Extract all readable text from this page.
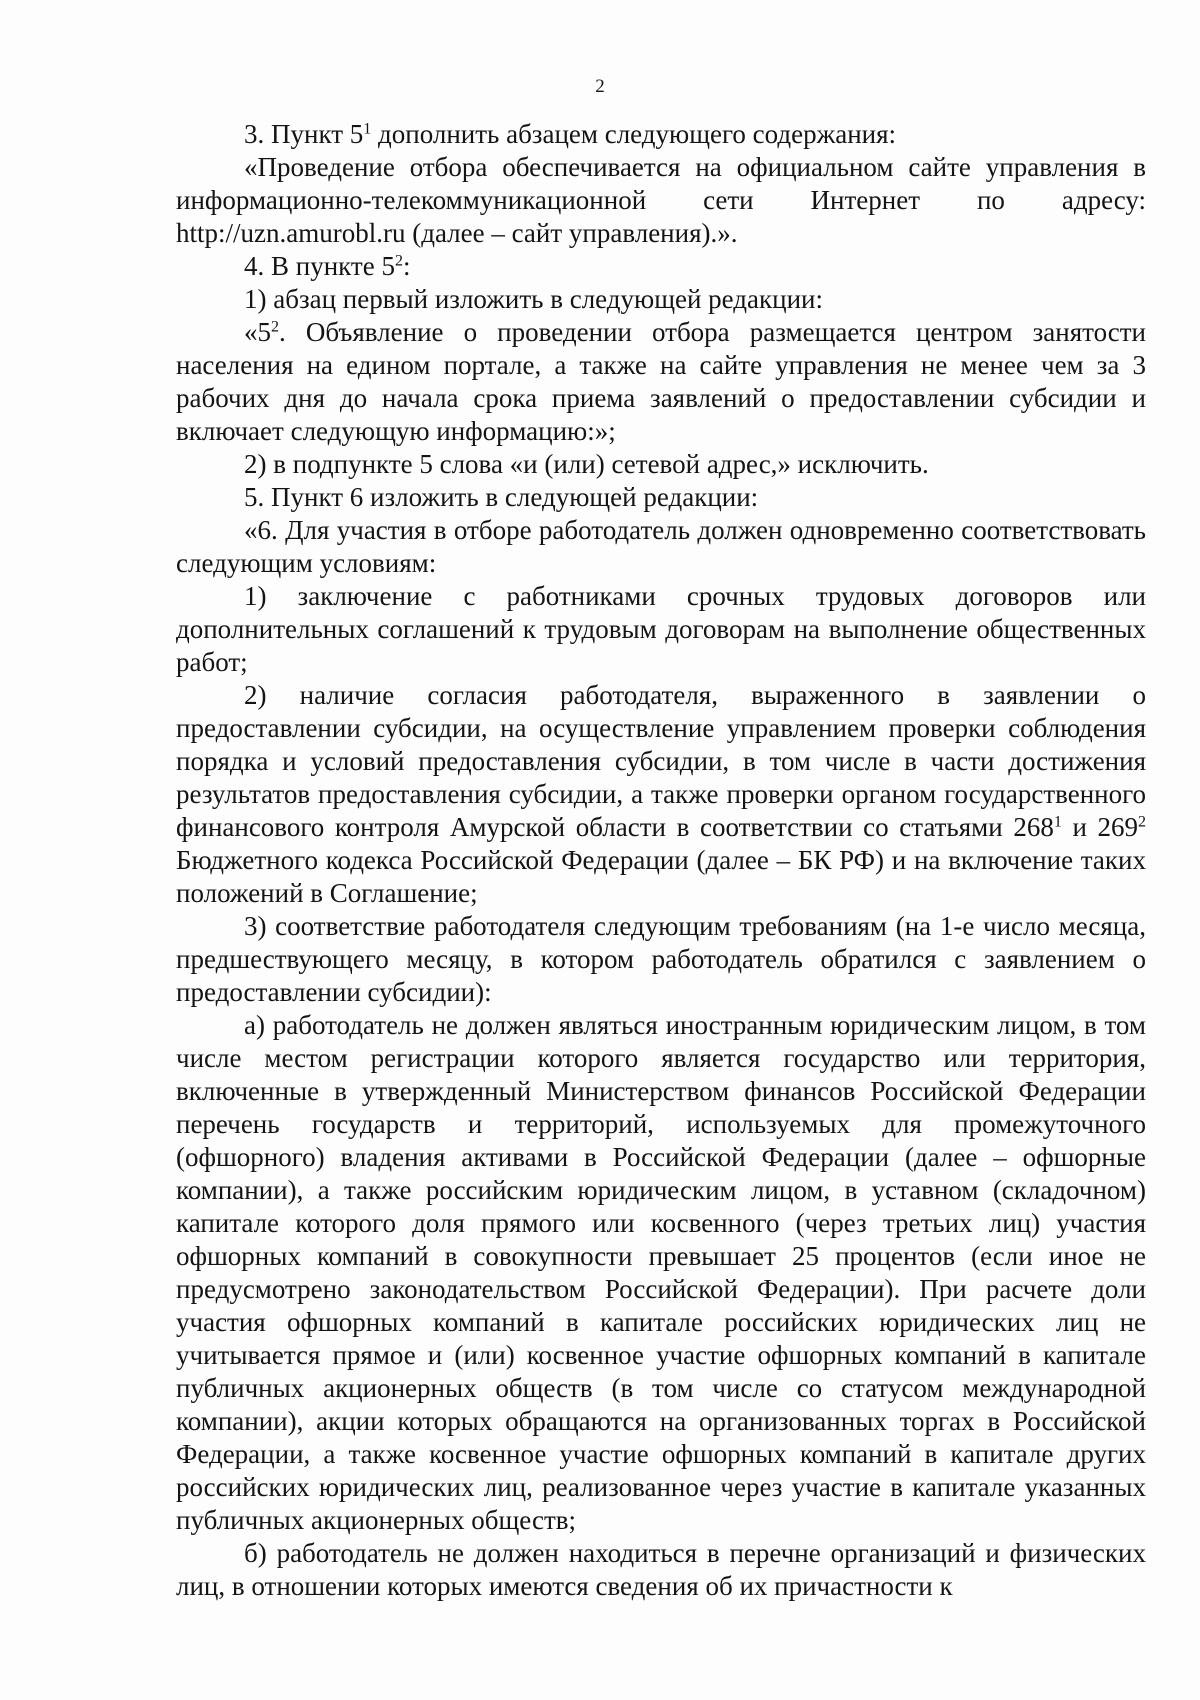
2

3. Пункт $5^1$ дополнить абзацем следующего содержания:

«Проведение отбора обеспечивается на официальном сайте управления в информационно-телекоммуникационной сети Интернет по адресу: http://uzn.amurobl.ru (далее – сайт управления).».

4. В пункте $5^2$:

1) абзац первый изложить в следующей редакции:

«$5^2$. Объявление о проведении отбора размещается центром занятости населения на едином портале, а также на сайте управления не менее чем за 3 рабочих дня до начала срока приема заявлений о предоставлении субсидии и включает следующую информацию:»;

2) в подпункте 5 слова «и (или) сетевой адрес,» исключить.

5. Пункт 6 изложить в следующей редакции:

«6. Для участия в отборе работодатель должен одновременно соответствовать следующим условиям:

1) заключение с работниками срочных трудовых договоров или дополнительных соглашений к трудовым договорам на выполнение общественных работ;

2) наличие согласия работодателя, выраженного в заявлении о предоставлении субсидии, на осуществление управлением проверки соблюдения порядка и условий предоставления субсидии, в том числе в части достижения результатов предоставления субсидии, а также проверки органом государственного финансового контроля Амурской области в соответствии со статьями $268^1$ и $269^2$ Бюджетного кодекса Российской Федерации (далее – БК РФ) и на включение таких положений в Соглашение;

3) соответствие работодателя следующим требованиям (на 1-е число месяца, предшествующего месяцу, в котором работодатель обратился с заявлением о предоставлении субсидии):

а) работодатель не должен являться иностранным юридическим лицом, в том числе местом регистрации которого является государство или территория, включенные в утвержденный Министерством финансов Российской Федерации перечень государств и территорий, используемых для промежуточного (офшорного) владения активами в Российской Федерации (далее – офшорные компании), а также российским юридическим лицом, в уставном (складочном) капитале которого доля прямого или косвенного (через третьих лиц) участия офшорных компаний в совокупности превышает 25 процентов (если иное не предусмотрено законодательством Российской Федерации). При расчете доли участия офшорных компаний в капитале российских юридических лиц не учитывается прямое и (или) косвенное участие офшорных компаний в капитале публичных акционерных обществ (в том числе со статусом международной компании), акции которых обращаются на организованных торгах в Российской Федерации, а также косвенное участие офшорных компаний в капитале других российских юридических лиц, реализованное через участие в капитале указанных публичных акционерных обществ;

б) работодатель не должен находиться в перечне организаций и физических лиц, в отношении которых имеются сведения об их причастности к
